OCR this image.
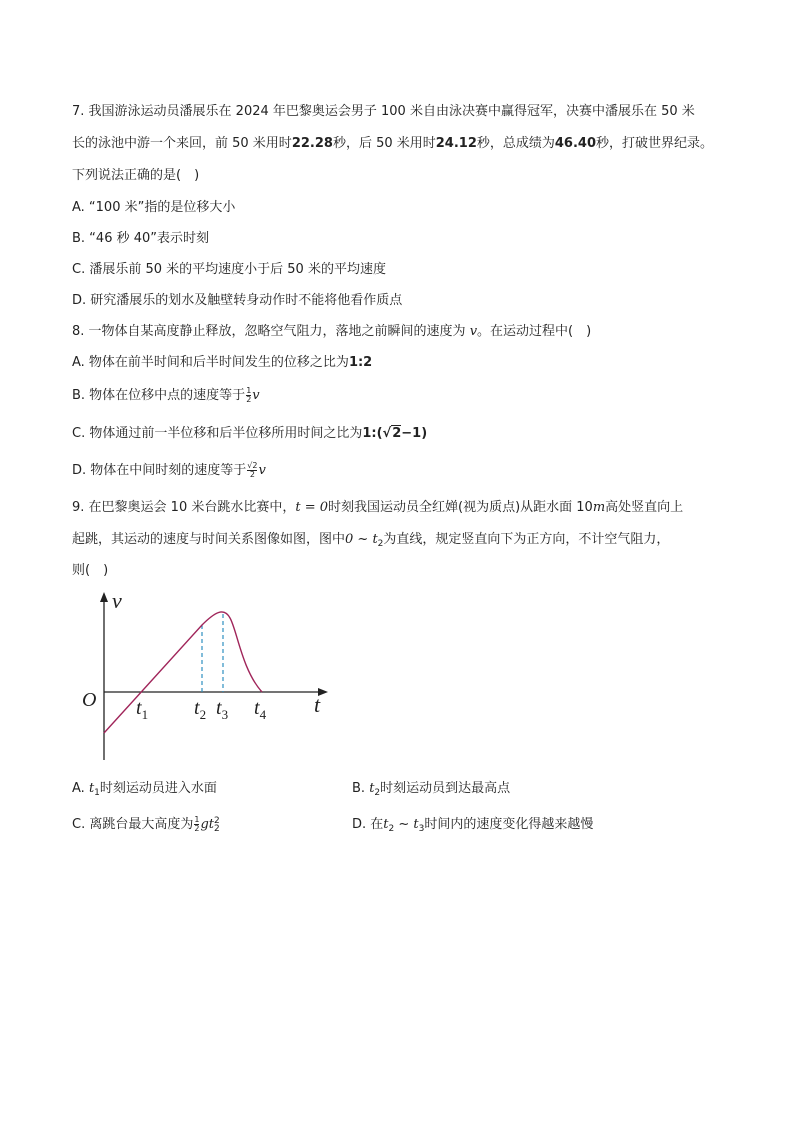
7. 我国游泳运动员潘展乐在 2024 年巴黎奥运会男子 100 米自由泳决赛中赢得冠军，决赛中潘展乐在 50 米
长的泳池中游一个来回，前 50 米用时22.28秒，后 50 米用时24.12秒，总成绩为46.40秒，打破世界纪录。
下列说法正确的是(　)
A. “100 米”指的是位移大小
B. “46 秒 40”表示时刻
C. 潘展乐前 50 米的平均速度小于后 50 米的平均速度
D. 研究潘展乐的划水及触壁转身动作时不能将他看作质点
8. 一物体自某高度静止释放，忽略空气阻力，落地之前瞬间的速度为 v。在运动过程中(　)
A. 物体在前半时间和后半时间发生的位移之比为1:2
B. 物体在位移中点的速度等于 $\frac{1}{2}$ v
C. 物体通过前一半位移和后半位移所用时间之比为1:(√2−1)
D. 物体在中间时刻的速度等于 $\frac{√2}{2}$ v
9. 在巴黎奥运会 10 米台跳水比赛中，t = 0时刻我国运动员全红婵(视为质点)从距水面 10m高处竖直向上
起跳，其运动的速度与时间关系图像如图，图中0 ~ $t_2$为直线，规定竖直向下为正方向，不计空气阻力，
则(　)
v
t
O $t_1$ $t_2$ $t_3$ $t_4$
A. $t_1$时刻运动员进入水面	B. $t_2$时刻运动员到达最高点
C. 离跳台最大高度为 $\frac{1}{2}$ gt 2
2	D. 在$t_2$ ~ $t_3$时间内的速度变化得越来越慢
